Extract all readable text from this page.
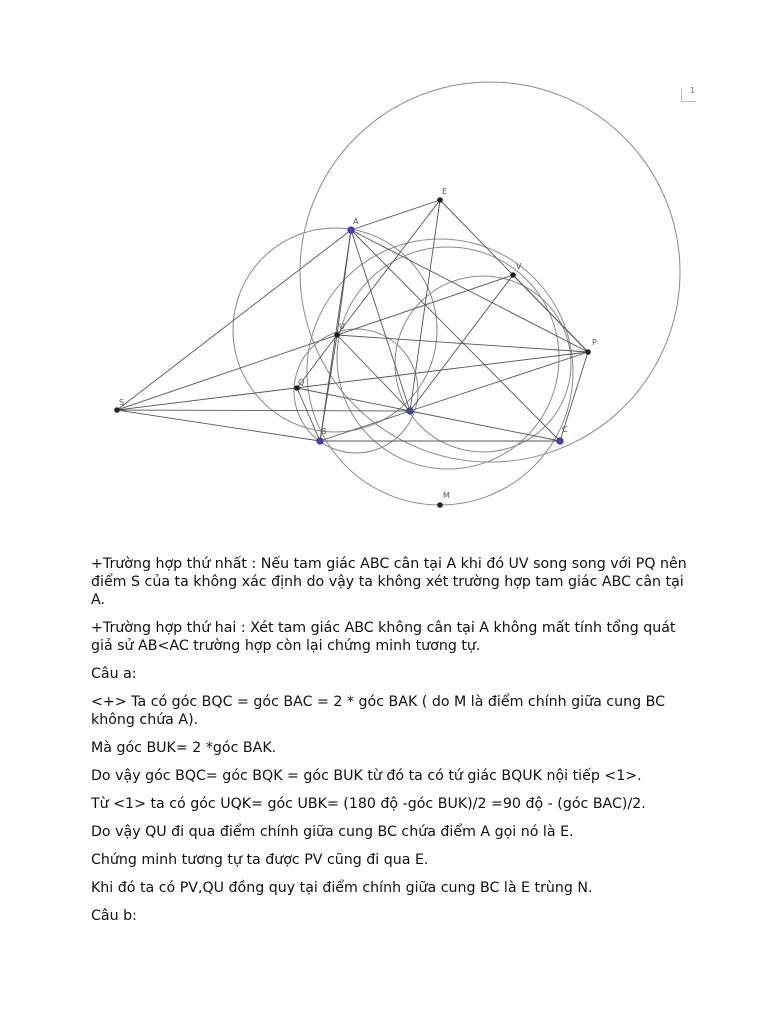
E
A
V
U
P
Q
S
K
B	C
M
1

+Trường hợp thứ nhất : Nếu tam giác ABC cân tại A khi đó UV song song với PQ nên điểm S của ta không xác định do vậy ta không xét trường hợp tam giác ABC cân tại A.

+Trường hợp thứ hai : Xét tam giác ABC không cân tại A không mất tính tổng quát giả sử AB<AC trường hợp còn lại chứng minh tương tự.

Câu a:

<+> Ta có góc BQC = góc BAC = 2 * góc BAK ( do M là điểm chính giữa cung BC không chứa A).

Mà góc BUK= 2 *góc BAK.

Do vậy góc BQC= góc BQK = góc BUK từ đó ta có tứ giác BQUK nội tiếp <1>.

Từ <1> ta có góc UQK= góc UBK= (180 độ -góc BUK)/2 =90 độ - (góc BAC)/2.

Do vậy QU đi qua điểm chính giữa cung BC chứa điểm A gọi nó là E.

Chứng minh tương tự ta được PV cũng đi qua E.

Khi đó ta có PV,QU đồng quy tại điểm chính giữa cung BC là E trùng N.

Câu b:
